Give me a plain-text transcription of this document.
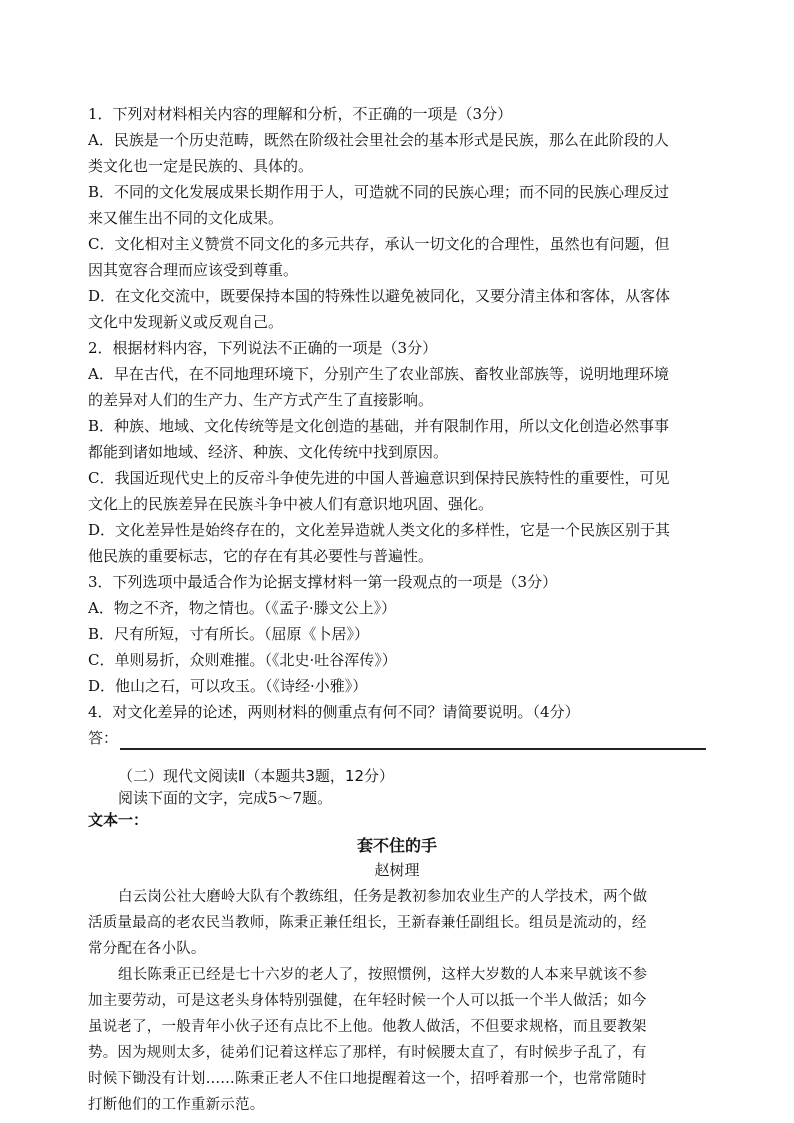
1．下列对材料相关内容的理解和分析，不正确的一项是（3分）
A．民族是一个历史范畴，既然在阶级社会里社会的基本形式是民族，那么在此阶段的人
类文化也一定是民族的、具体的。
B．不同的文化发展成果长期作用于人，可造就不同的民族心理；而不同的民族心理反过
来又催生出不同的文化成果。
C．文化相对主义赞赏不同文化的多元共存，承认一切文化的合理性，虽然也有问题，但
因其宽容合理而应该受到尊重。
D．在文化交流中，既要保持本国的特殊性以避免被同化，又要分清主体和客体，从客体
文化中发现新义或反观自己。
2．根据材料内容，下列说法不正确的一项是（3分）
A．早在古代，在不同地理环境下，分别产生了农业部族、畜牧业部族等，说明地理环境
的差异对人们的生产力、生产方式产生了直接影响。
B．种族、地域、文化传统等是文化创造的基础，并有限制作用，所以文化创造必然事事
都能到诸如地域、经济、种族、文化传统中找到原因。
C．我国近现代史上的反帝斗争使先进的中国人普遍意识到保持民族特性的重要性，可见
文化上的民族差异在民族斗争中被人们有意识地巩固、强化。
D．文化差异性是始终存在的，文化差异造就人类文化的多样性，它是一个民族区别于其
他民族的重要标志，它的存在有其必要性与普遍性。
3．下列选项中最适合作为论据支撑材料一第一段观点的一项是（3分）
A．物之不齐，物之情也。（《孟子·滕文公上》）
B．尺有所短，寸有所长。（屈原《卜居》）
C．单则易折，众则难摧。（《北史·吐谷浑传》）
D．他山之石，可以攻玉。（《诗经·小雅》）
4．对文化差异的论述，两则材料的侧重点有何不同？请简要说明。（4分）
答：
（二）现代文阅读Ⅱ（本题共3题，12分）
阅读下面的文字，完成5～7题。
文本一：
套不住的手
赵树理
白云岗公社大磨岭大队有个教练组，任务是教初参加农业生产的人学技术，两个做
活质量最高的老农民当教师，陈秉正兼任组长，王新春兼任副组长。组员是流动的，经
常分配在各小队。
组长陈秉正已经是七十六岁的老人了，按照惯例，这样大岁数的人本来早就该不参
加主要劳动，可是这老头身体特别强健，在年轻时候一个人可以抵一个半人做活；如今
虽说老了，一般青年小伙子还有点比不上他。他教人做活，不但要求规格，而且要教架
势。因为规则太多，徒弟们记着这样忘了那样，有时候腰太直了，有时候步子乱了，有
时候下锄没有计划……陈秉正老人不住口地提醒着这一个，招呼着那一个，也常常随时
打断他们的工作重新示范。
